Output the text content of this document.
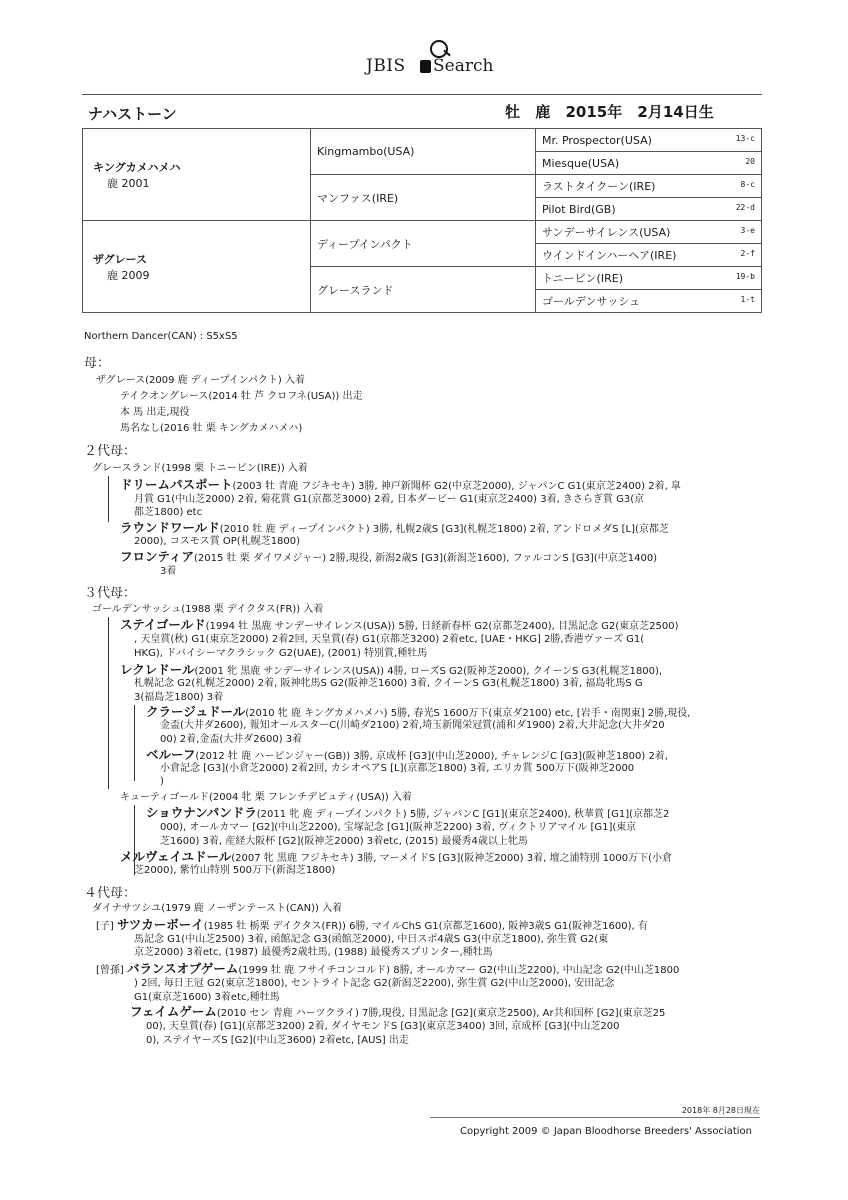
JBIS Search
ナハストーン	牡 鹿 2015年 2月14日生
キングカメハメハ
鹿 2001	Kingmambo(USA)	Mr. Prospector(USA) 13-c

		Miesque(USA) 20

	マンファス(IRE)	ラストタイクーン(IRE) 8-c

		Pilot Bird(GB) 22-d

ザグレース
鹿 2009	ディープインパクト	サンデーサイレンス(USA) 3-e

		ウインドインハーヘア(IRE) 2-f

	グレースランド	トニービン(IRE) 19-b

		ゴールデンサッシュ 1-t
Northern Dancer(CAN) : S5xS5
母：
ザグレース(2009 鹿 ディープインパクト) 入着
テイクオングレース(2014 牡 芦 クロフネ(USA)) 出走
本 馬 出走,現役
馬名なし(2016 牡 栗 キングカメハメハ)
２代母：
グレースランド(1998 栗 トニービン(IRE)) 入着
ドリームパスポート(2003 牡 青鹿 フジキセキ) 3勝, 神戸新聞杯 G2(中京芝2000), ジャパンC G1(東京芝2400) 2着, 皐
月賞 G1(中山芝2000) 2着, 菊花賞 G1(京都芝3000) 2着, 日本ダービー G1(東京芝2400) 3着, きさらぎ賞 G3(京
都芝1800) etc
ラウンドワールド(2010 牡 鹿 ディープインパクト) 3勝, 札幌2歳S [G3](札幌芝1800) 2着, アンドロメダS [L](京都芝
2000), コスモス賞 OP(札幌芝1800)
フロンティア(2015 牡 栗 ダイワメジャー) 2勝,現役, 新潟2歳S [G3](新潟芝1600), ファルコンS [G3](中京芝1400)
3着
３代母：
ゴールデンサッシュ(1988 栗 デイクタス(FR)) 入着
ステイゴールド(1994 牡 黒鹿 サンデーサイレンス(USA)) 5勝, 日経新春杯 G2(京都芝2400), 目黒記念 G2(東京芝2500)
, 天皇賞(秋) G1(東京芝2000) 2着2回, 天皇賞(春) G1(京都芝3200) 2着etc, [UAE・HKG] 2勝,香港ヴァーズ G1(
HKG), ドバイシーマクラシック G2(UAE), (2001) 特別賞,種牡馬
レクレドール(2001 牝 黒鹿 サンデーサイレンス(USA)) 4勝, ローズS G2(阪神芝2000), クイーンS G3(札幌芝1800),
札幌記念 G2(札幌芝2000) 2着, 阪神牝馬S G2(阪神芝1600) 3着, クイーンS G3(札幌芝1800) 3着, 福島牝馬S G
3(福島芝1800) 3着
クラージュドール(2010 牝 鹿 キングカメハメハ) 5勝, 春光S 1600万下(東京ダ2100) etc, [岩手・南関東] 2勝,現役,
金盃(大井ダ2600), 報知オールスターC(川崎ダ2100) 2着,埼玉新聞栄冠賞(浦和ダ1900) 2着,大井記念(大井ダ20
00) 2着,金盃(大井ダ2600) 3着
ベルーフ(2012 牡 鹿 ハービンジャー(GB)) 3勝, 京成杯 [G3](中山芝2000), チャレンジC [G3](阪神芝1800) 2着,
小倉記念 [G3](小倉芝2000) 2着2回, カシオペアS [L](京都芝1800) 3着, エリカ賞 500万下(阪神芝2000
)
キューティゴールド(2004 牝 栗 フレンチデピュティ(USA)) 入着
ショウナンパンドラ(2011 牝 鹿 ディープインパクト) 5勝, ジャパンC [G1](東京芝2400), 秋華賞 [G1](京都芝2
000), オールカマー [G2](中山芝2200), 宝塚記念 [G1](阪神芝2200) 3着, ヴィクトリアマイル [G1](東京
芝1600) 3着, 産経大阪杯 [G2](阪神芝2000) 3着etc, (2015) 最優秀4歳以上牝馬
メルヴェイユドール(2007 牝 黒鹿 フジキセキ) 3勝, マーメイドS [G3](阪神芝2000) 3着, 壇之浦特別 1000万下(小倉
芝2000), 紫竹山特別 500万下(新潟芝1800)
４代母：
ダイナサツシユ(1979 鹿 ノーザンテースト(CAN)) 入着
[子] サツカーボーイ(1985 牡 栃栗 デイクタス(FR)) 6勝, マイルChS G1(京都芝1600), 阪神3歳S G1(阪神芝1600), 有
馬記念 G1(中山芝2500) 3着, 函館記念 G3(函館芝2000), 中日スポ4歳S G3(中京芝1800), 弥生賞 G2(東
京芝2000) 3着etc, (1987) 最優秀2歳牡馬, (1988) 最優秀スプリンター,種牡馬
[曾孫] バランスオブゲーム(1999 牡 鹿 フサイチコンコルド) 8勝, オールカマー G2(中山芝2200), 中山記念 G2(中山芝1800
) 2回, 毎日王冠 G2(東京芝1800), セントライト記念 G2(新潟芝2200), 弥生賞 G2(中山芝2000), 安田記念
G1(東京芝1600) 3着etc,種牡馬
フェイムゲーム(2010 セン 青鹿 ハーツクライ) 7勝,現役, 目黒記念 [G2](東京芝2500), Ar共和国杯 [G2](東京芝25
00), 天皇賞(春) [G1](京都芝3200) 2着, ダイヤモンドS [G3](東京芝3400) 3回, 京成杯 [G3](中山芝200
0), ステイヤーズS [G2](中山芝3600) 2着etc, [AUS] 出走
2018年 8月28日現在
Copyright 2009 © Japan Bloodhorse Breeders' Association
